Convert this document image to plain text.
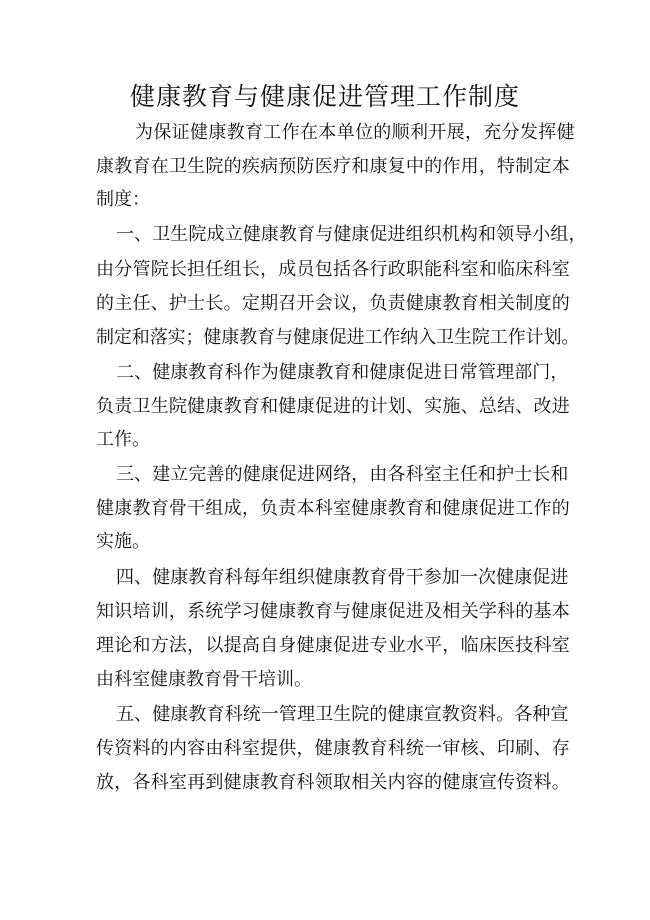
健康教育与健康促进管理工作制度
为保证健康教育工作在本单位的顺利开展，充分发挥健
康教育在卫生院的疾病预防医疗和康复中的作用，特制定本
制度：
一、卫生院成立健康教育与健康促进组织机构和领导小组，
由分管院长担任组长，成员包括各行政职能科室和临床科室
的主任、护士长。定期召开会议，负责健康教育相关制度的
制定和落实；健康教育与健康促进工作纳入卫生院工作计划。
二、健康教育科作为健康教育和健康促进日常管理部门，
负责卫生院健康教育和健康促进的计划、实施、总结、改进
工作。
三、建立完善的健康促进网络，由各科室主任和护士长和
健康教育骨干组成，负责本科室健康教育和健康促进工作的
实施。
四、健康教育科每年组织健康教育骨干参加一次健康促进
知识培训，系统学习健康教育与健康促进及相关学科的基本
理论和方法，以提高自身健康促进专业水平，临床医技科室
由科室健康教育骨干培训。
五、健康教育科统一管理卫生院的健康宣教资料。各种宣
传资料的内容由科室提供，健康教育科统一审核、印刷、存
放，各科室再到健康教育科领取相关内容的健康宣传资料。
